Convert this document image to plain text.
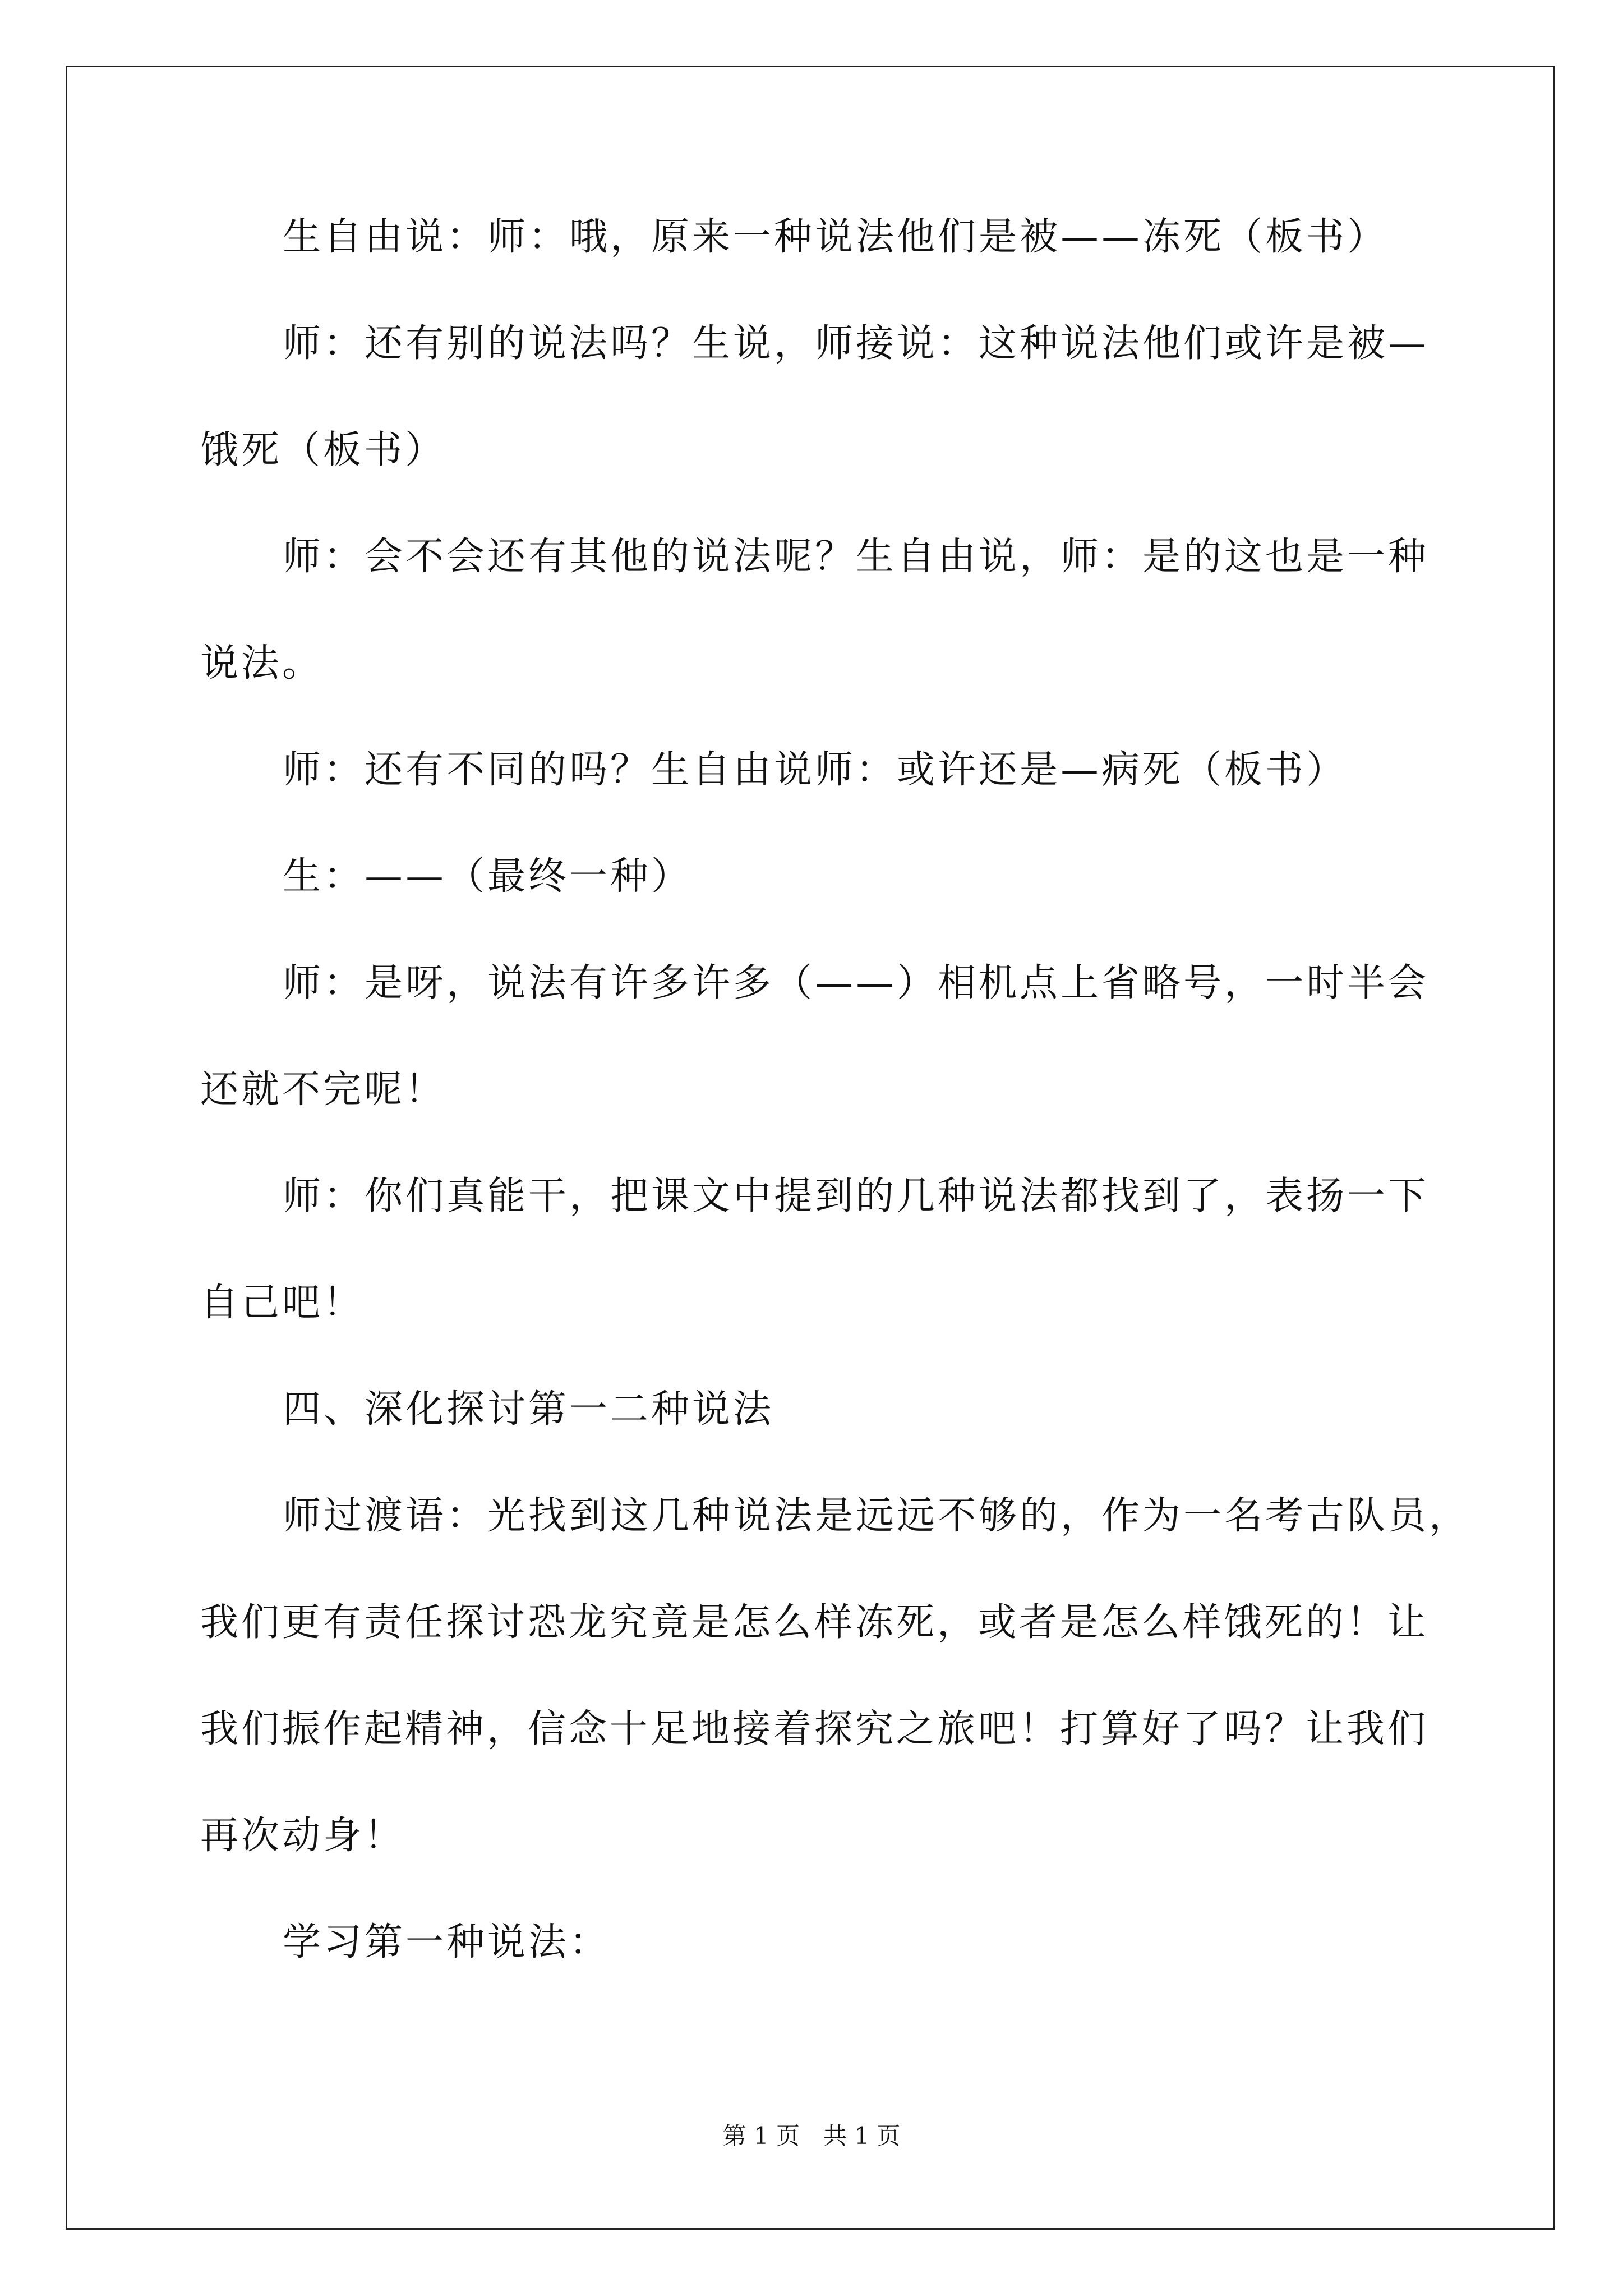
生自由说：师：哦，原来一种说法他们是被——冻死（板书）
师：还有别的说法吗？生说，师接说：这种说法他们或许是被—
饿死（板书）
师：会不会还有其他的说法呢？生自由说，师：是的这也是一种
说法。
师：还有不同的吗？生自由说师：或许还是—病死（板书）
生：——（最终一种）
师：是呀，说法有许多许多（——）相机点上省略号，一时半会
还就不完呢！
师：你们真能干，把课文中提到的几种说法都找到了，表扬一下
自己吧！
四、深化探讨第一二种说法
师过渡语：光找到这几种说法是远远不够的，作为一名考古队员，
我们更有责任探讨恐龙究竟是怎么样冻死，或者是怎么样饿死的！让
我们振作起精神，信念十足地接着探究之旅吧！打算好了吗？让我们
再次动身！
学习第一种说法：
第 1 页 共 1 页
